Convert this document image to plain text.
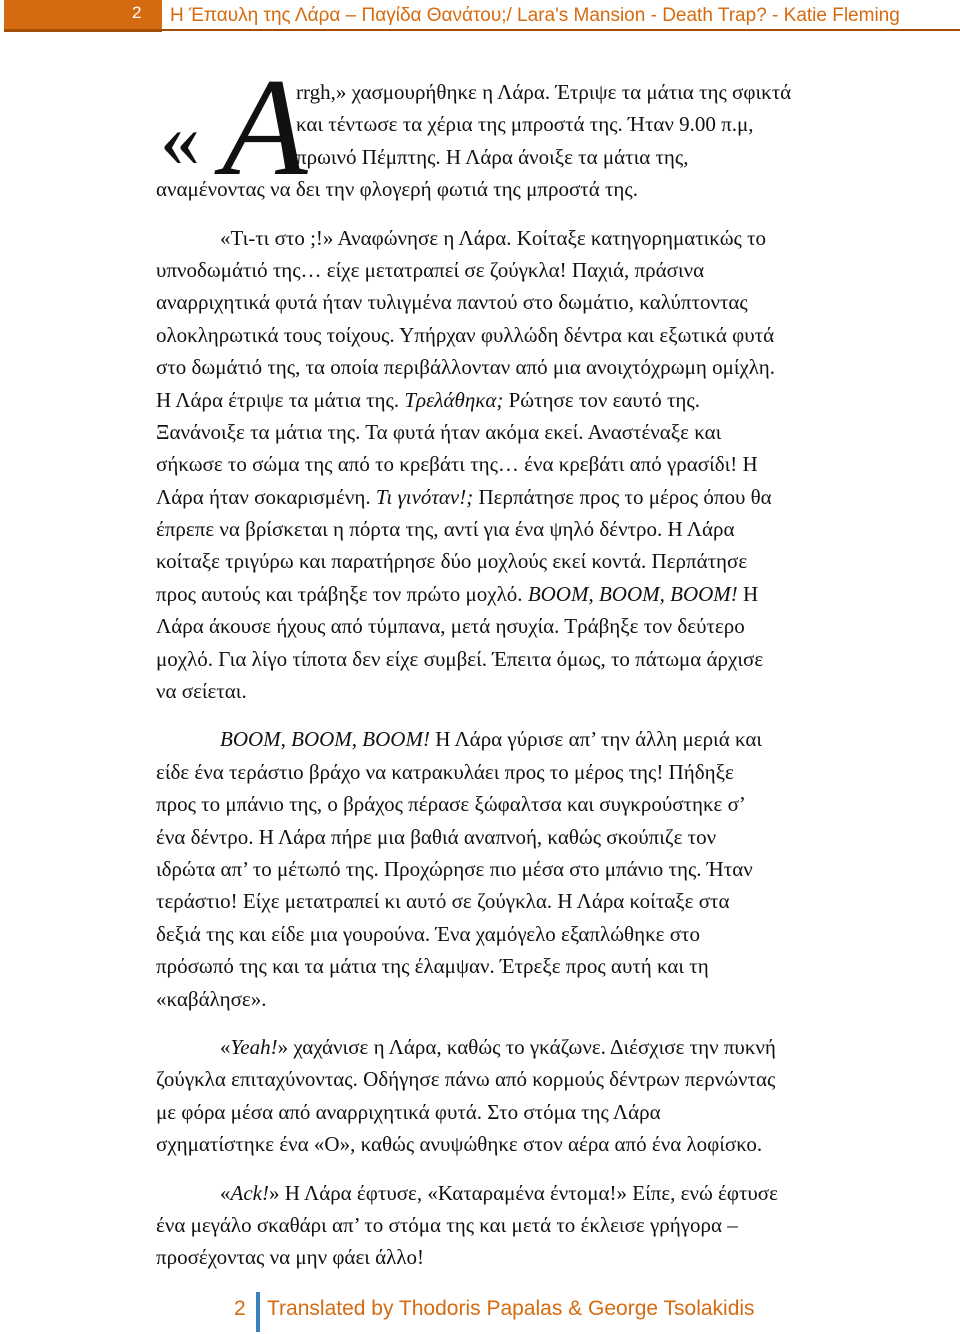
2 Η Έπαυλη της Λάρα – Παγίδα Θανάτου;/ Lara's Mansion - Death Trap? - Katie Fleming
« A
rrgh,» χασμουρήθηκε η Λάρα. Έτριψε τα μάτια της σφικτά
και τέντωσε τα χέρια της μπροστά της. Ήταν 9.00 π.μ,
πρωινό Πέμπτης. Η Λάρα άνοιξε τα μάτια της,
αναμένοντας να δει την φλογερή φωτιά της μπροστά της.
«Τι-τι στο ;!» Αναφώνησε η Λάρα. Κοίταξε κατηγορηματικώς το
υπνοδωμάτιό της… είχε μετατραπεί σε ζούγκλα! Παχιά, πράσινα
αναρριχητικά φυτά ήταν τυλιγμένα παντού στο δωμάτιο, καλύπτοντας
ολοκληρωτικά τους τοίχους. Υπήρχαν φυλλώδη δέντρα και εξωτικά φυτά
στο δωμάτιό της, τα οποία περιβάλλονταν από μια ανοιχτόχρωμη ομίχλη.
Η Λάρα έτριψε τα μάτια της. Τρελάθηκα; Ρώτησε τον εαυτό της.
Ξανάνοιξε τα μάτια της. Τα φυτά ήταν ακόμα εκεί. Αναστέναξε και
σήκωσε το σώμα της από το κρεβάτι της… ένα κρεβάτι από γρασίδι! Η
Λάρα ήταν σοκαρισμένη. Τι γινόταν!; Περπάτησε προς το μέρος όπου θα
έπρεπε να βρίσκεται η πόρτα της, αντί για ένα ψηλό δέντρο. Η Λάρα
κοίταξε τριγύρω και παρατήρησε δύο μοχλούς εκεί κοντά. Περπάτησε
προς αυτούς και τράβηξε τον πρώτο μοχλό. BOOM, BOOM, BOOM! Η
Λάρα άκουσε ήχους από τύμπανα, μετά ησυχία. Τράβηξε τον δεύτερο
μοχλό. Για λίγο τίποτα δεν είχε συμβεί. Έπειτα όμως, το πάτωμα άρχισε
να σείεται.
BOOM, BOOM, BOOM! Η Λάρα γύρισε απ’ την άλλη μεριά και
είδε ένα τεράστιο βράχο να κατρακυλάει προς το μέρος της! Πήδηξε
προς το μπάνιο της, ο βράχος πέρασε ξώφαλτσα και συγκρούστηκε σ’
ένα δέντρο. Η Λάρα πήρε μια βαθιά αναπνοή, καθώς σκούπιζε τον
ιδρώτα απ’ το μέτωπό της. Προχώρησε πιο μέσα στο μπάνιο της. Ήταν
τεράστιο! Είχε μετατραπεί κι αυτό σε ζούγκλα. Η Λάρα κοίταξε στα
δεξιά της και είδε μια γουρούνα. Ένα χαμόγελο εξαπλώθηκε στο
πρόσωπό της και τα μάτια της έλαμψαν. Έτρεξε προς αυτή και τη
«καβάλησε».
«Yeah!» χαχάνισε η Λάρα, καθώς το γκάζωνε. Διέσχισε την πυκνή
ζούγκλα επιταχύνοντας. Οδήγησε πάνω από κορμούς δέντρων περνώντας
με φόρα μέσα από αναρριχητικά φυτά. Στο στόμα της Λάρα
σχηματίστηκε ένα «Ο», καθώς ανυψώθηκε στον αέρα από ένα λοφίσκο.
«Ack!» Η Λάρα έφτυσε, «Καταραμένα έντομα!» Είπε, ενώ έφτυσε
ένα μεγάλο σκαθάρι απ’ το στόμα της και μετά το έκλεισε γρήγορα –
προσέχοντας να μην φάει άλλο!
2 Translated by Thodoris Papalas & George Tsolakidis
